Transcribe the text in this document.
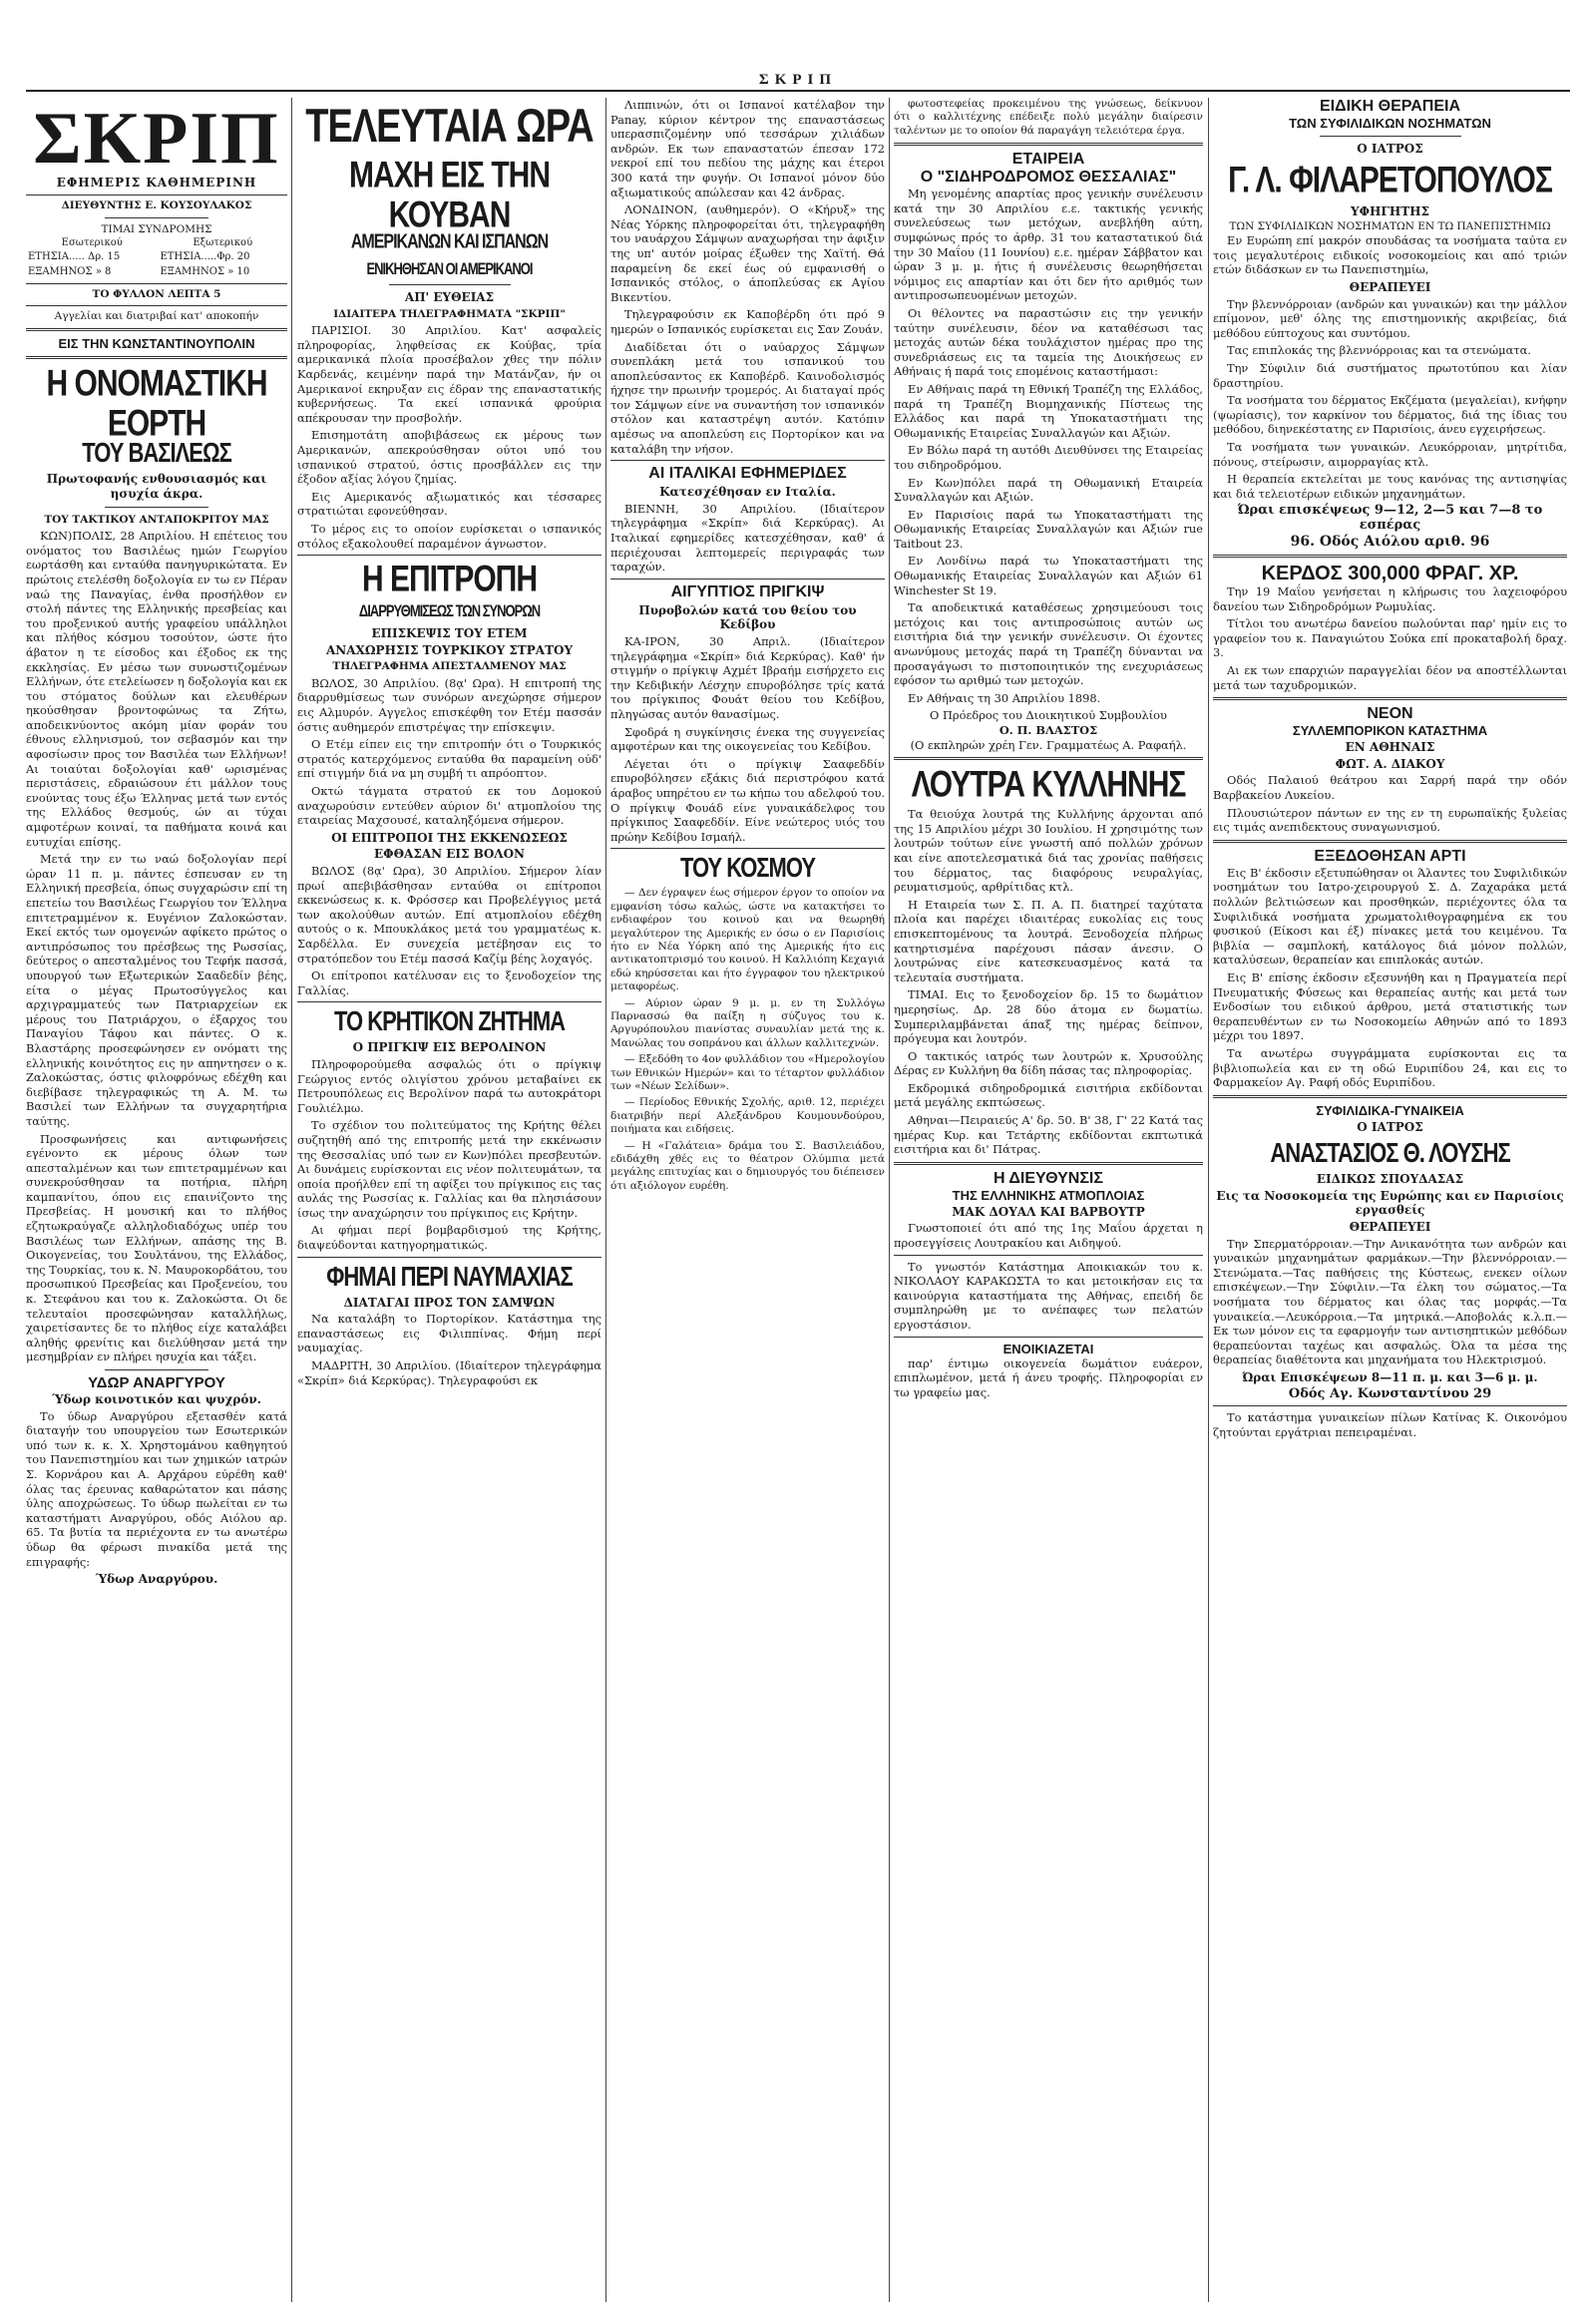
ΣΚΡΙΠ
ΣΚΡΙΠ
ΕΦΗΜΕΡΙΣ ΚΑΘΗΜΕΡΙΝΗ
ΔΙΕΥΘΥΝΤΗΣ Ε. ΚΟΥΣΟΥΛΑΚΟΣ
ΤΙΜΑΙ ΣΥΝΔΡΟΜΗΣ
Εσωτερικού	Εξωτερικού
ΕΤΗΣΙΑ..... Δρ. 15	ΕΤΗΣΙΑ.....Φρ. 20
ΕΞΑΜΗΝΟΣ » 8	ΕΞΑΜΗΝΟΣ » 10
ΤΟ ΦΥΛΛΟΝ ΛΕΠΤΑ 5
Αγγελίαι και διατριβαί κατ' αποκοπήν
ΕΙΣ ΤΗΝ ΚΩΝΣΤΑΝΤΙΝΟΥΠΟΛΙΝ
Η ΟΝΟΜΑΣΤΙΚΗ ΕΟΡΤΗ
ΤΟΥ ΒΑΣΙΛΕΩΣ
Πρωτοφανής ενθουσιασμός και ησυχία άκρα.
ΤΟΥ ΤΑΚΤΙΚΟΥ ΑΝΤΑΠΟΚΡΙΤΟΥ ΜΑΣ

ΚΩΝ)ΠΟΛΙΣ, 28 Απριλίου. Η επέτειος του ονόματος του Βασιλέως ημών Γεωργίου εωρτάσθη και ενταύθα πανηγυρικώτατα. Εν πρώτοις ετελέσθη δοξολογία εν τω εν Πέραν ναώ της Παναγίας, ένθα προσήλθον εν στολή πάντες της Ελληνικής πρεσβείας και του προξενικού αυτής γραφείου υπάλληλοι και πλήθος κόσμου τοσούτον, ώστε ήτο άβατον η τε είσοδος και έξοδος εκ της εκκλησίας. Εν μέσω των συνωστιζομένων Ελλήνων, ότε ετελείωσεν η δοξολογία και εκ του στόματος δούλων και ελευθέρων ηκούσθησαν βροντοφώνως τα Ζήτω, αποδεικνύοντος ακόμη μίαν φοράν του έθνους ελληνισμού, τον σεβασμόν και την αφοσίωσιν προς τον Βασιλέα των Ελλήνων! Αι τοιαύται δοξολογίαι καθ' ωρισμένας περιστάσεις, εδραιώσουν έτι μάλλον τους ενούντας τους έξω Έλληνας μετά των εντός της Ελλάδος θεσμούς, ών αι τύχαι αμφοτέρων κοιναί, τα παθήματα κοινά και ευτυχίαι επίσης.

Μετά την εν τω ναώ δοξολογίαν περί ώραν 11 π. μ. πάντες έσπευσαν εν τη Ελληνική πρεσβεία, όπως συγχαρώσιν επί τη επετείω του Βασιλέως Γεωργίου τον Έλληνα επιτετραμμένον κ. Ευγένιον Ζαλοκώσταν. Εκεί εκτός των ομογενών αφίκετο πρώτος ο αντιπρόσωπος του πρέσβεως της Ρωσσίας, δεύτερος ο απεσταλμένος του Τεφήκ πασσά, υπουργού των Εξωτερικών Σααδεδίν βέης, είτα ο μέγας Πρωτοσύγγελος και αρχιγραμματεύς των Πατριαρχείων εκ μέρους του Πατριάρχου, ο έξαρχος του Παναγίου Τάφου και πάντες. Ο κ. Βλαστάρης προσεφώνησεν εν ονόματι της ελληνικής κοινότητος εις ην απηντησεν ο κ. Ζαλοκώστας, όστις φιλοφρόνως εδέχθη και διεβίβασε τηλεγραφικώς τη Α. Μ. τω Βασιλεί των Ελλήνων τα συγχαρητήρια ταύτης.

Προσφωνήσεις και αντιφωνήσεις εγένοντο εκ μέρους όλων των απεσταλμένων και των επιτετραμμένων και συνεκρούσθησαν τα ποτήρια, πλήρη καμπανίτου, όπου εις επαινίζοντο της Πρεσβείας. Η μουσική και το πλήθος εζητωκραύγαζε αλληλοδιαδόχως υπέρ του Βασιλέως των Ελλήνων, απάσης της Β. Οικογενείας, του Σουλτάνου, της Ελλάδος, της Τουρκίας, του κ. Ν. Μαυροκορδάτου, του προσωπικού Πρεσβείας και Προξενείου, του κ. Στεφάνου και του κ. Ζαλοκώστα. Οι δε τελευταίοι προσεφώνησαν καταλλήλως, χαιρετίσαντες δε το πλήθος είχε καταλάβει αληθής φρενίτις και διελύθησαν μετά την μεσημβρίαν εν πλήρει ησυχία και τάξει.

ΥΔΩΡ ΑΝΑΡΓΥΡΟΥ
Ύδωρ κοινοτικόν και ψυχρόν.

Το ύδωρ Αναργύρου εξετασθέν κατά διαταγήν του υπουργείου των Εσωτερικών υπό των κ. κ. Χ. Χρηστομάνου καθηγητού του Πανεπιστημίου και των χημικών ιατρών Σ. Κορνάρου και Α. Αρχάρου εύρέθη καθ' όλας τας έρευνας καθαρώτατον και πάσης ύλης αποχρώσεως. Το ύδωρ πωλείται εν τω καταστήματι Αναργύρου, οδός Αιόλου αρ. 65. Τα βυτία τα περιέχοντα εν τω ανωτέρω ύδωρ θα φέρωσι πινακίδα μετά της επιγραφής:

Ύδωρ Αναργύρου.
ΤΕΛΕΥΤΑΙΑ ΩΡΑ
ΜΑΧΗ ΕΙΣ ΤΗΝ ΚΟΥΒΑΝ
ΑΜΕΡΙΚΑΝΩΝ ΚΑΙ ΙΣΠΑΝΩΝ
ΕΝΙΚΗΘΗΣΑΝ ΟΙ ΑΜΕΡΙΚΑΝΟΙ
ΑΠ' ΕΥΘΕΙΑΣ
ΙΔΙΑΙΤΕΡΑ ΤΗΛΕΓΡΑΦΗΜΑΤΑ "ΣΚΡΙΠ"

ΠΑΡΙΣΙΟΙ. 30 Απριλίου. Κατ' ασφαλείς πληροφορίας, ληφθείσας εκ Κούβας, τρία αμερικανικά πλοία προσέβαλον χθες την πόλιν Καρδενάς, κειμένην παρά την Ματάνζαν, ήν οι Αμερικανοί εκηρυξαν εις έδραν της επαναστατικής κυβερνήσεως. Τα εκεί ισπανικά φρούρια απέκρουσαν την προσβολήν.

Επισημοτάτη αποβιβάσεως εκ μέρους των Αμερικανών, απεκρούσθησαν ούτοι υπό του ισπανικού στρατού, όστις προσβάλλεν εις την έξοδον αξίας λόγου ζημίας.

Εις Αμερικανός αξιωματικός και τέσσαρες στρατιώται εφονεύθησαν.

Το μέρος εις το οποίον ευρίσκεται ο ισπανικός στόλος εξακολουθεί παραμένον άγνωστον.

Η ΕΠΙΤΡΟΠΗ
ΔΙΑΡΡΥΘΜΙΣΕΩΣ ΤΩΝ ΣΥΝΟΡΩΝ
ΕΠΙΣΚΕΨΙΣ ΤΟΥ ΕΤΕΜ
ΑΝΑΧΩΡΗΣΙΣ ΤΟΥΡΚΙΚΟΥ ΣΤΡΑΤΟΥ
ΤΗΛΕΓΡΑΦΗΜΑ ΑΠΕΣΤΑΛΜΕΝΟΥ ΜΑΣ

ΒΩΛΟΣ, 30 Απριλίου. (8ᾳ' Ωρα). Η επιτροπή της διαρρυθμίσεως των συνόρων ανεχώρησε σήμερον εις Αλμυρόν. Αγγελος επισκέφθη τον Ετέμ πασσάν όστις αυθημερόν επιστρέψας την επίσκεψιν.

Ο Ετέμ είπεν εις την επιτροπήν ότι ο Τουρκικός στρατός κατερχόμενος ενταύθα θα παραμείνη ούδ' επί στιγμήν διά να μη συμβή τι απρόοπτον.

Οκτώ τάγματα στρατού εκ του Δομοκού αναχωρούσιν εντεύθεν αύριον δι' ατμοπλοίου της εταιρείας Μαχσουσέ, καταληξόμενα σήμερον.

ΟΙ ΕΠΙΤΡΟΠΟΙ ΤΗΣ ΕΚΚΕΝΩΣΕΩΣ
ΕΦΘΑΣΑΝ ΕΙΣ ΒΟΛΟΝ

ΒΩΛΟΣ (8ᾳ' Ωρα), 30 Απριλίου. Σήμερον λίαν πρωί απεβιβάσθησαν ενταύθα οι επίτροποι εκκενώσεως κ. κ. Φρόσσερ και Προβελέγγιος μετά των ακολούθων αυτών. Επί ατμοπλοίου εδέχθη αυτούς ο κ. Μπουκλάκος μετά του γραμματέως κ. Σαρδέλλα. Εν συνεχεία μετέβησαν εις το στρατόπεδον του Ετέμ πασσά Καζίμ βέης λοχαγός.

Οι επίτροποι κατέλυσαν εις το ξενοδοχείον της Γαλλίας.

ΤΟ ΚΡΗΤΙΚΟΝ ΖΗΤΗΜΑ
Ο ΠΡΙΓΚΙΨ ΕΙΣ ΒΕΡΟΛΙΝΟΝ

Πληροφορούμεθα ασφαλώς ότι ο πρίγκιψ Γεώργιος εντός ολιγίστου χρόνου μεταβαίνει εκ Πετρουπόλεως εις Βερολίνον παρά τω αυτοκράτορι Γουλιέλμω.

Το σχέδιον του πολιτεύματος της Κρήτης θέλει συζητηθή από της επιτροπής μετά την εκκένωσιν της Θεσσαλίας υπό των εν Κων)πόλει πρεσβευτών. Αι δυνάμεις ευρίσκονται εις νέον πολιτευμάτων, τα οποία προήλθεν επί τη αφίξει του πρίγκιπος εις τας αυλάς της Ρωσσίας κ. Γαλλίας και θα πλησιάσουν ίσως την αναχώρησιν του πρίγκιπος εις Κρήτην.

Αι φήμαι περί βομβαρδισμού της Κρήτης, διαψεύδονται κατηγορηματικώς.

ΦΗΜΑΙ ΠΕΡΙ ΝΑΥΜΑΧΙΑΣ
ΔΙΑΤΑΓΑΙ ΠΡΟΣ ΤΟΝ ΣΑΜΨΩΝ

Να καταλάβη το Πορτορίκον. Κατάστημα της επαναστάσεως εις Φιλιππίνας. Φήμη περί ναυμαχίας.

ΜΑΔΡΙΤΗ, 30 Απριλίου. (Ιδιαίτερον τηλεγράφημα «Σκρίπ» διά Κερκύρας). Τηλεγραφούσι εκ

Λιππινών, ότι οι Ισπανοί κατέλαβον την Panay, κύριον κέντρον της επαναστάσεως υπερασπιζομένην υπό τεσσάρων χιλιάδων ανδρών. Εκ των επαναστατών έπεσαν 172 νεκροί επί του πεδίου της μάχης και έτεροι 300 κατά την φυγήν. Οι Ισπανοί μόνον δύο αξιωματικούς απώλεσαν και 42 άνδρας.

ΛΟΝΔΙΝΟΝ, (αυθημερόν). Ο «Κήρυξ» της Νέας Υόρκης πληροφορείται ότι, τηλεγραφήθη του ναυάρχου Σάμψων αναχωρήσαι την άφιξιν της υπ' αυτόν μοίρας έξωθεν της Χαϊτή. Θά παραμείνη δε εκεί έως ού εμφανισθή ο Ισπανικός στόλος, ο άποπλεύσας εκ Αγίου Βικεντίου.

Τηλεγραφούσιν εκ Καποβέρδη ότι πρό 9 ημερών ο Ισπανικός ευρίσκεται εις Σαν Ζουάν.

Διαδίδεται ότι ο ναύαρχος Σάμψων συνεπλάκη μετά του ισπανικού του αποπλεύσαντος εκ Καποβέρδ. Καινοδολισμός ήχησε την πρωινήν τρομερός. Αι διαταγαί πρός τον Σάμψων είνε να συναντήση τον ισπανικόν στόλον και καταστρέψη αυτόν. Κατόπιν αμέσως να αποπλεύση εις Πορτορίκον και να καταλάβη την νήσον.

ΑΙ ΙΤΑΛΙΚΑΙ ΕΦΗΜΕΡΙΔΕΣ
Κατεσχέθησαν εν Ιταλία.

ΒΙΕΝΝΗ, 30 Απριλίου. (Ιδιαίτερον τηλεγράφημα «Σκρίπ» διά Κερκύρας). Αι Ιταλικαί εφημερίδες κατεσχέθησαν, καθ' ά περιέχουσαι λεπτομερείς περιγραφάς των ταραχών.

ΑΙΓΥΠΤΙΟΣ ΠΡΙΓΚΙΨ
Πυροβολών κατά του θείου του Κεδίβου

ΚΑ-ΙΡΟΝ, 30 Απριλ. (Ιδιαίτερον τηλεγράφημα «Σκρίπ» διά Κερκύρας). Καθ' ήν στιγμήν ο πρίγκιψ Αχμέτ Ιβραήμ εισήρχετο εις την Κεδιβικήν Λέσχην επυροβόλησε τρίς κατά του πρίγκιπος Φουάτ θείου του Κεδίβου, πληγώσας αυτόν θανασίμως.

Σφοδρά η συγκίνησις ένεκα της συγγενείας αμφοτέρων και της οικογενείας του Κεδίβου.

Λέγεται ότι ο πρίγκιψ Σααφεδδίν επυροβόλησεν εξάκις διά περιστρόφου κατά άραβος υπηρέτου εν τω κήπω του αδελφού του. Ο πρίγκιψ Φουάδ είνε γυναικάδελφος του πρίγκιπος Σααφεδδίν. Είνε νεώτερος υιός του πρώην Κεδίβου Ισμαήλ.

ΤΟΥ ΚΟΣΜΟΥ

— Δεν έγραψεν έως σήμερον έργον το οποίον να εμφανίση τόσω καλώς, ώστε να κατακτήσει το ενδιαφέρον του κοινού και να θεωρηθή μεγαλύτερον της Αμερικής εν όσω ο εν Παρισίοις ήτο εν Νέα Υόρκη από της Αμερικής ήτο εις αντικατοπτρισμό του κοινού. Η Καλλιόπη Κεχαγιά εδώ κηρύσσεται και ήτο έγγραφον του ηλεκτρικού μεταφορέως.

— Αύριον ώραν 9 μ. μ. εν τη Συλλόγω Παρνασσώ θα παίξη η σύζυγος του κ. Αργυρόπουλου πιανίστας συναυλίαν μετά της κ. Μανώλας του σοπράνου και άλλων καλλιτεχνών.

— Εξεδόθη το 4ον φυλλάδιον του «Ημερολογίου των Εθνικών Ημερών» και το τέταρτον φυλλάδιον των «Νέων Σελίδων».

— Περίοδος Εθνικής Σχολής, αριθ. 12, περιέχει διατριβήν περί Αλεξάνδρου Κουμουνδούρου, ποιήματα και ειδήσεις.

— Η «Γαλάτεια» δράμα του Σ. Βασιλειάδου, εδιδάχθη χθές εις το θέατρον Ολύμπια μετά μεγάλης επιτυχίας και ο δημιουργός του διέπεισεν ότι αξιόλογον ευρέθη.

φωτοστεφείας προκειμένου της γνώσεως, δείκνυον ότι ο καλλιτέχνης επέδειξε πολύ μεγάλην διαίρεσιν ταλέντων με το οποίον θά παραγάγη τελειότερα έργα.

ΕΤΑΙΡΕΙΑ
Ο "ΣΙΔΗΡΟΔΡΟΜΟΣ ΘΕΣΣΑΛΙΑΣ"

Μη γενομένης απαρτίας προς γενικήν συνέλευσιν κατά την 30 Απριλίου ε.ε. τακτικής γενικής συνελεύσεως των μετόχων, ανεβλήθη αύτη, συμφώνως πρός το άρθρ. 31 του καταστατικού διά την 30 Μαΐου (11 Ιουνίου) ε.ε. ημέραν Σάββατον και ώραν 3 μ. μ. ήτις ή συνέλευσις θεωρηθήσεται νόμιμος εις απαρτίαν και ότι δεν ήτο αριθμός των αντιπροσωπευομένων μετοχών.

Οι θέλοντες να παραστώσιν εις την γενικήν ταύτην συνέλευσιν, δέον να καταθέσωσι τας μετοχάς αυτών δέκα τουλάχιστον ημέρας προ της συνεδριάσεως εις τα ταμεία της Διοικήσεως εν Αθήναις ή παρά τοις επομένοις καταστήμασι:

Εν Αθήναις παρά τη Εθνική Τραπέζη της Ελλάδος, παρά τη Τραπέζη Βιομηχανικής Πίστεως της Ελλάδος και παρά τη Υποκαταστήματι της Οθωμανικής Εταιρείας Συναλλαγών και Αξιών.

Εν Βόλω παρά τη αυτόθι Διευθύνσει της Εταιρείας του σιδηροδρόμου.

Εν Κων)πόλει παρά τη Οθωμανική Εταιρεία Συναλλαγών και Αξιών.

Εν Παρισίοις παρά τω Υποκαταστήματι της Οθωμανικής Εταιρείας Συναλλαγών και Αξιών rue Taitbout 23.

Εν Λονδίνω παρά τω Υποκαταστήματι της Οθωμανικής Εταιρείας Συναλλαγών και Αξιών 61 Winchester St 19.

Τα αποδεικτικά καταθέσεως χρησιμεύουσι τοις μετόχοις και τοις αντιπροσώποις αυτών ως εισιτήρια διά την γενικήν συνέλευσιν. Οι έχοντες ανωνύμους μετοχάς παρά τη Τραπέζη δύνανται να προσαγάγωσι το πιστοποιητικόν της ενεχυριάσεως εφόσον τω αριθμώ των μετοχών.

Εν Αθήναις τη 30 Απριλίου 1898.

Ο Πρόεδρος του Διοικητικού Συμβουλίου
Ο. Π. ΒΛΑΣΤΟΣ
(Ο εκπληρών χρέη Γεν. Γραμματέως Α. Ραφαήλ.
ΛΟΥΤΡΑ ΚΥΛΛΗΝΗΣ

Τα θειούχα λουτρά της Κυλλήνης άρχονται από της 15 Απριλίου μέχρι 30 Ιουλίου. Η χρησιμότης των λουτρών τούτων είνε γνωστή από πολλών χρόνων και είνε αποτελεσματικά διά τας χρονίας παθήσεις του δέρματος, τας διαφόρους νευραλγίας, ρευματισμούς, αρθρίτιδας κτλ.

Η Εταιρεία των Σ. Π. Α. Π. διατηρεί ταχύτατα πλοία και παρέχει ιδιαιτέρας ευκολίας εις τους επισκεπτομένους τα λουτρά. Ξενοδοχεία πλήρως κατηρτισμένα παρέχουσι πάσαν άνεσιν. Ο λουτρώνας είνε κατεσκευασμένος κατά τα τελευταία συστήματα.

ΤΙΜΑΙ. Εις το ξενοδοχείον δρ. 15 το δωμάτιον ημερησίως. Δρ. 28 δύο άτομα εν δωματίω. Συμπεριλαμβάνεται άπαξ της ημέρας δείπνον, πρόγευμα και λουτρόν.

Ο τακτικός ιατρός των λουτρών κ. Χρυσούλης Δέρας εν Κυλλήνη θα δίδη πάσας τας πληροφορίας.

Εκδρομικά σιδηροδρομικά εισιτήρια εκδίδονται μετά μεγάλης εκπτώσεως.

Αθηναι—Πειραιεύς Α' δρ. 50. Β' 38, Γ' 22 Κατά τας ημέρας Κυρ. και Τετάρτης εκδίδονται εκπτωτικά εισιτήρια και δι' Πάτρας.

Η ΔΙΕΥΘΥΝΣΙΣ
ΤΗΣ ΕΛΛΗΝΙΚΗΣ ΑΤΜΟΠΛΟΙΑΣ
ΜΑΚ ΔΟΥΑΛ ΚΑΙ ΒΑΡΒΟΥΤΡ

Γνωστοποιεί ότι από της 1ης Μαΐου άρχεται η προσεγγίσεις Λουτρακίου και Αιδηψού.

Το γνωστόν Κατάστημα Αποικιακών του κ. ΝΙΚΟΛΑΟΥ ΚΑΡΑΚΩΣΤΑ το και μετοικήσαν εις τα καινούργια καταστήματα της Αθήνας, επειδή δε συμπληρώθη με το ανέπαφες των πελατών εργοστάσιον.

ΕΝΟΙΚΙΑΖΕΤΑΙ

παρ' έντιμω οικογενεία δωμάτιον ευάερον, επιπλωμένον, μετά ή άνευ τροφής. Πληροφορίαι εν τω γραφείω μας.

ΕΙΔΙΚΗ ΘΕΡΑΠΕΙΑ
ΤΩΝ ΣΥΦΙΛΙΔΙΚΩΝ ΝΟΣΗΜΑΤΩΝ
Ο ΙΑΤΡΟΣ
Γ. Λ. ΦΙΛΑΡΕΤΟΠΟΥΛΟΣ
ΥΦΗΓΗΤΗΣ
ΤΩΝ ΣΥΦΙΛΙΔΙΚΩΝ ΝΟΣΗΜΑΤΩΝ ΕΝ ΤΩ ΠΑΝΕΠΙΣΤΗΜΙΩ

Εν Ευρώπη επί μακρόν σπουδάσας τα νοσήματα ταύτα εν τοις μεγαλυτέροις ειδικοίς νοσοκομείοις και από τριών ετών διδάσκων εν τω Πανεπιστημίω,

ΘΕΡΑΠΕΥΕΙ

Την βλεννόρροιαν (ανδρών και γυναικών) και την μάλλον επίμονον, μεθ' όλης της επιστημονικής ακριβείας, διά μεθόδου εύπτοχους και συντόμου.

Τας επιπλοκάς της βλεννόρροιας και τα στενώματα.

Την Σύφιλιν διά συστήματος πρωτοτύπου και λίαν δραστηρίου.

Τα νοσήματα του δέρματος Εκζέματα (μεγαλείαι), κνήφην (ψωρίασις), τον καρκίνον του δέρματος, διά της ίδιας του μεθόδου, διηνεκέστατης εν Παρισίοις, άνευ εγχειρήσεως.

Τα νοσήματα των γυναικών. Λευκόρροιαν, μητρίτιδα, πόνους, στείρωσιν, αιμορραγίας κτλ.

Η θεραπεία εκτελείται με τους κανόνας της αντισηψίας και διά τελειοτέρων ειδικών μηχανημάτων.

Ώραι επισκέψεως 9—12, 2—5 και 7—8 το εσπέρας
96. Οδός Αιόλου αριθ. 96
ΚΕΡΔΟΣ 300,000 ΦΡΑΓ. ΧΡ.

Την 19 Μαΐου γενήσεται η κλήρωσις του λαχειοφόρου δανείου των Σιδηροδρόμων Ρωμυλίας.

Τίτλοι του ανωτέρω δανείου πωλούνται παρ' ημίν εις το γραφείον του κ. Παναγιώτου Σούκα επί προκαταβολή δραχ. 3.

Αι εκ των επαρχιών παραγγελίαι δέον να αποστέλλωνται μετά των ταχυδρομικών.

ΝΕΟΝ
ΣΥΛΛΕΜΠΟΡΙΚΟΝ ΚΑΤΑΣΤΗΜΑ
ΕΝ ΑΘΗΝΑΙΣ
ΦΩΤ. Α. ΔΙΑΚΟΥ

Οδός Παλαιού θεάτρου και Σαρρή παρά την οδόν Βαρβακείου Λυκείου.

Πλουσιώτερον πάντων εν της εν τη ευρωπαϊκής ξυλείας εις τιμάς ανεπιδεκτους συναγωνισμού.

ΕΞΕΔΟΘΗΣΑΝ ΑΡΤΙ

Εις Β' έκδοσιν εξετυπώθησαν οι Άλαντες του Συφιλιδικών νοσημάτων του Ιατρο-χειρουργού Σ. Δ. Ζαχαράκα μετά πολλών βελτιώσεων και προσθηκών, περιέχοντες όλα τα Συφιλιδικά νοσήματα χρωματολιθογραφημένα εκ του φυσικού (Είκοσι και έξ) πίνακες μετά του κειμένου. Τα βιβλία — σαμπλοκή, κατάλογος διά μόνον πολλών, καταλύσεων, θεραπείαν και επιπλοκάς αυτών.

Εις Β' επίσης έκδοσιν εξεσυνήθη και η Πραγματεία περί Πνευματικής Φύσεως και θεραπείας αυτής και μετά των Ενδοσίων του ειδικού άρθρου, μετά στατιστικής των θεραπευθέντων εν τω Νοσοκομείω Αθηνών από το 1893 μέχρι του 1897.

Τα ανωτέρω συγγράμματα ευρίσκονται εις τα βιβλιοπωλεία και εν τη οδώ Ευριπίδου 24, και εις το Φαρμακείον Αγ. Ραφή οδός Ευριπίδου.

ΣΥΦΙΛΙΔΙΚΑ-ΓΥΝΑΙΚΕΙΑ
Ο ΙΑΤΡΟΣ
ΑΝΑΣΤΑΣΙΟΣ Θ. ΛΟΥΣΗΣ
ΕΙΔΙΚΩΣ ΣΠΟΥΔΑΣΑΣ
Εις τα Νοσοκομεία της Ευρώπης και εν Παρισίοις εργασθείς
ΘΕΡΑΠΕΥΕΙ

Την Σπερματόρροιαν.—Την Ανικανότητα των ανδρών και γυναικών μηχανημάτων φαρμάκων.—Την βλεννόρροιαν.—Στενώματα.—Τας παθήσεις της Κύστεως, ενεκεν οίλων επισκέψεων.—Την Σύφιλιν.—Τα έλκη του σώματος.—Τα νοσήματα του δέρματος και όλας τας μορφάς.—Τα γυναικεία.—Λευκόρροια.—Τα μητρικά.—Αποβολάς κ.λ.π.—Εκ των μόνον εις τα εφαρμογήν των αντισηπτικών μεθόδων θεραπεύονται ταχέως και ασφαλώς. Όλα τα μέσα της θεραπείας διαθέτοντα και μηχανήματα του Ηλεκτρισμού.

Ώραι Επισκέψεων 8—11 π. μ. και 3—6 μ. μ.
Οδός Αγ. Κωνσταντίνου 29

Το κατάστημα γυναικείων πίλων Κατίνας Κ. Οικονόμου ζητούνται εργάτριαι πεπειραμέναι.
